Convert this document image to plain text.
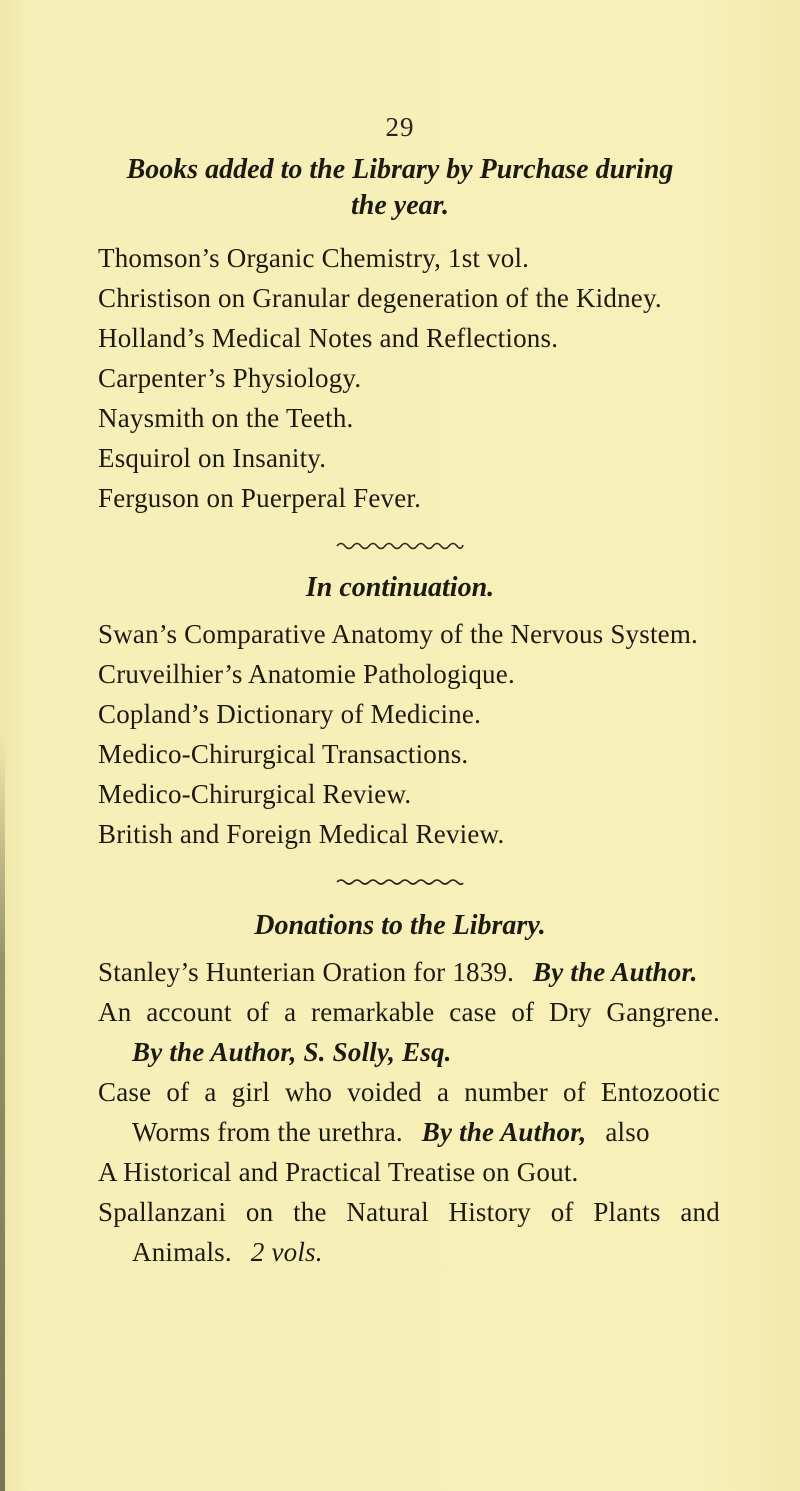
29
Books added to the Library by Purchase during
the year.
Thomson’s Organic Chemistry, 1st vol.
Christison on Granular degeneration of the Kidney.
Holland’s Medical Notes and Reflections.
Carpenter’s Physiology.
Naysmith on the Teeth.
Esquirol on Insanity.
Ferguson on Puerperal Fever.
In continuation.
Swan’s Comparative Anatomy of the Nervous System.
Cruveilhier’s Anatomie Pathologique.
Copland’s Dictionary of Medicine.
Medico-Chirurgical Transactions.
Medico-Chirurgical Review.
British and Foreign Medical Review.
Donations to the Library.
Stanley’s Hunterian Oration for 1839. By the Author.
An account of a remarkable case of Dry Gangrene.
By the Author, S. Solly, Esq.
Case of a girl who voided a number of Entozootic
Worms from the urethra. By the Author, also
A Historical and Practical Treatise on Gout.
Spallanzani on the Natural History of Plants and
Animals. 2 vols.
